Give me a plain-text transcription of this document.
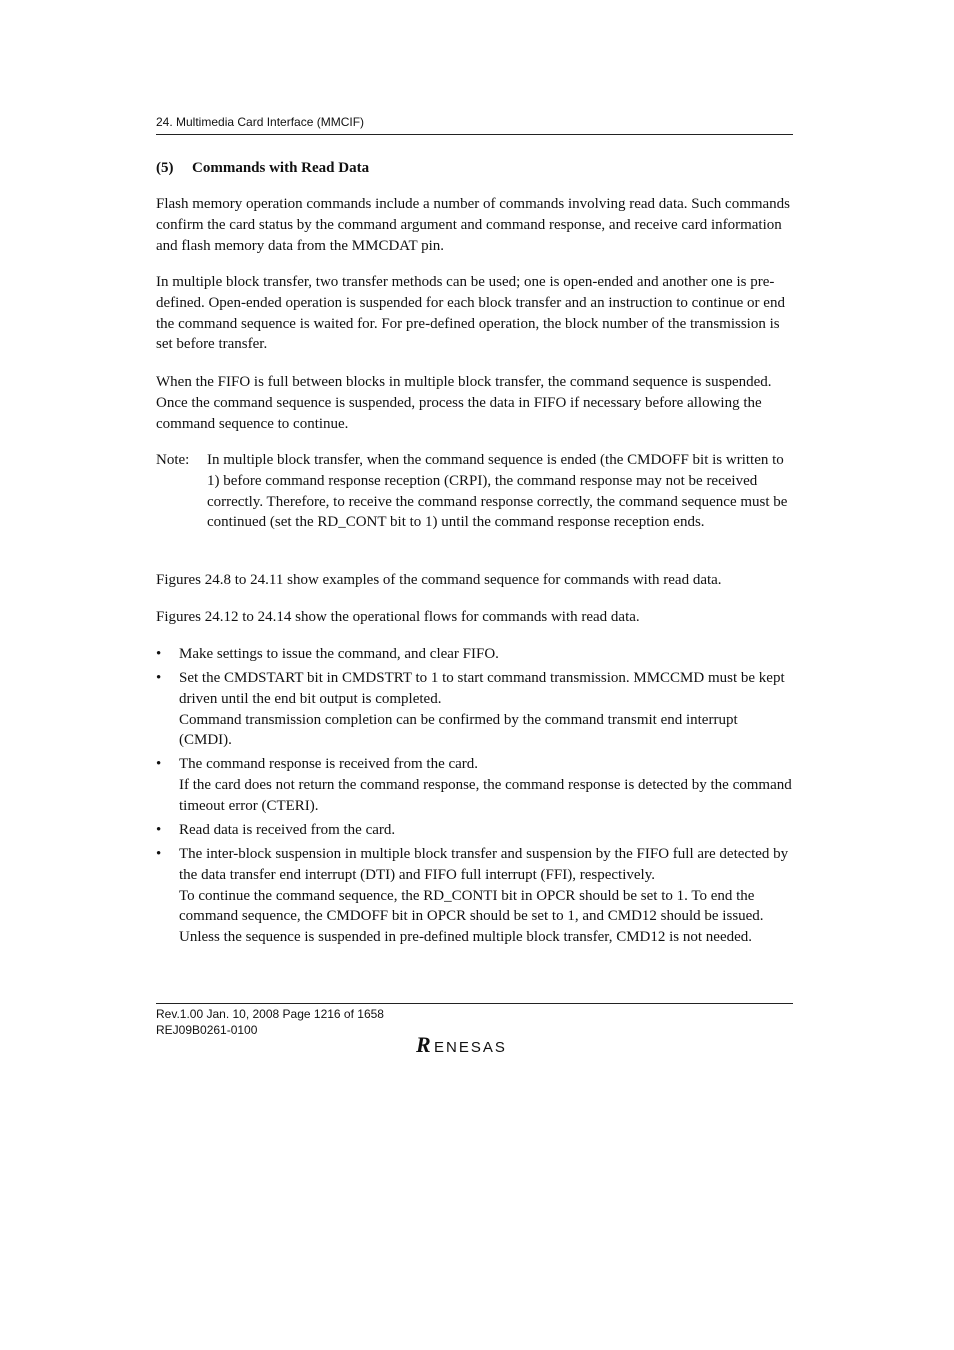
24. Multimedia Card Interface (MMCIF)
(5) Commands with Read Data

Flash memory operation commands include a number of commands involving read data. Such commands confirm the card status by the command argument and command response, and receive card information and flash memory data from the MMCDAT pin.

In multiple block transfer, two transfer methods can be used; one is open-ended and another one is pre-defined. Open-ended operation is suspended for each block transfer and an instruction to continue or end the command sequence is waited for. For pre-defined operation, the block number of the transmission is set before transfer.

When the FIFO is full between blocks in multiple block transfer, the command sequence is suspended. Once the command sequence is suspended, process the data in FIFO if necessary before allowing the command sequence to continue.

Note: In multiple block transfer, when the command sequence is ended (the CMDOFF bit is written to 1) before command response reception (CRPI), the command response may not be received correctly. Therefore, to receive the command response correctly, the command sequence must be continued (set the RD_CONT bit to 1) until the command response reception ends.

Figures 24.8 to 24.11 show examples of the command sequence for commands with read data.

Figures 24.12 to 24.14 show the operational flows for commands with read data.

• Make settings to issue the command, and clear FIFO.
• Set the CMDSTART bit in CMDSTRT to 1 to start command transmission. MMCCMD must be kept driven until the end bit output is completed.
Command transmission completion can be confirmed by the command transmit end interrupt (CMDI).
• The command response is received from the card.
If the card does not return the command response, the command response is detected by the command timeout error (CTERI).
• Read data is received from the card.
• The inter-block suspension in multiple block transfer and suspension by the FIFO full are detected by the data transfer end interrupt (DTI) and FIFO full interrupt (FFI), respectively.
To continue the command sequence, the RD_CONTI bit in OPCR should be set to 1. To end the command sequence, the CMDOFF bit in OPCR should be set to 1, and CMD12 should be issued. Unless the sequence is suspended in pre-defined multiple block transfer, CMD12 is not needed.
Rev.1.00 Jan. 10, 2008 Page 1216 of 1658
REJ09B0261-0100
R ENESAS
